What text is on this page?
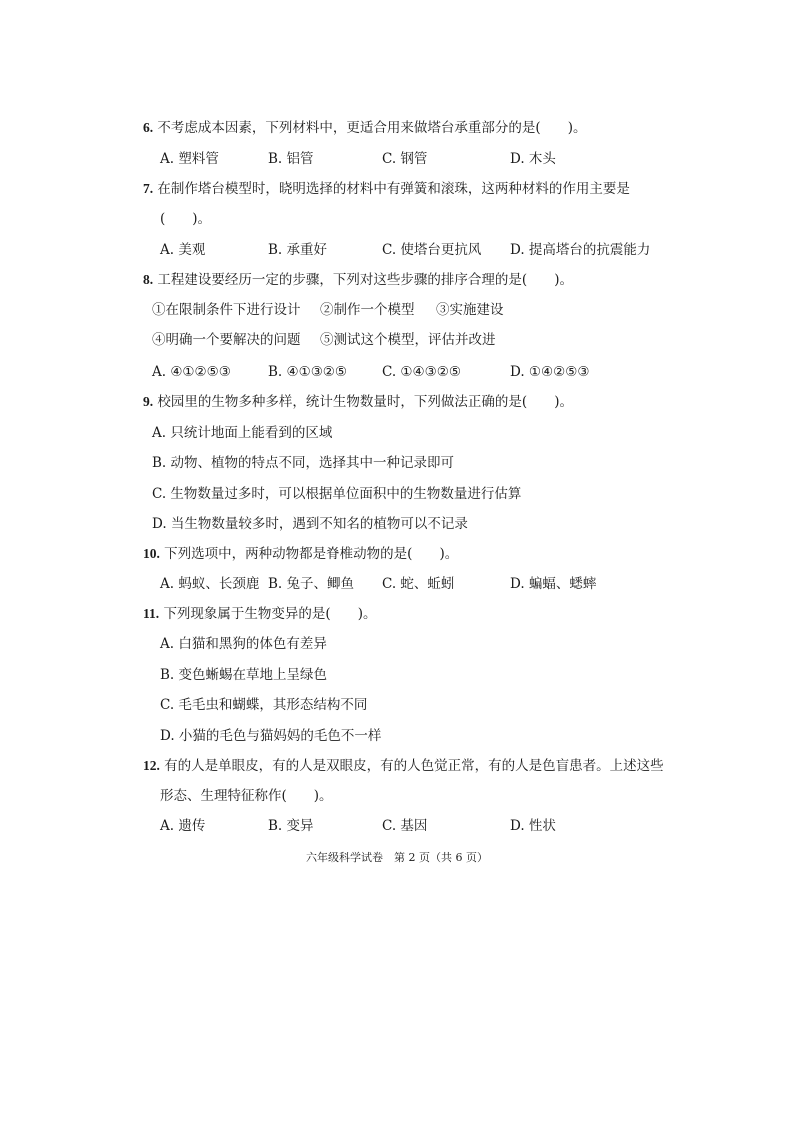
6. 不考虑成本因素，下列材料中，更适合用来做塔台承重部分的是(　　)。
A. 塑料管	B. 铝管	C. 钢管	D. 木头
7. 在制作塔台模型时，晓明选择的材料中有弹簧和滚珠，这两种材料的作用主要是
(　　)。
A. 美观	B. 承重好	C. 使塔台更抗风 D. 提高塔台的抗震能力
8. 工程建设要经历一定的步骤，下列对这些步骤的排序合理的是(　　)。
①在限制条件下进行设计 ②制作一个模型 ③实施建设
④明确一个要解决的问题 ⑤测试这个模型，评估并改进
A. ④①②⑤③	B. ④①③②⑤	C. ①④③②⑤	D. ①④②⑤③
9. 校园里的生物多种多样，统计生物数量时，下列做法正确的是(　　)。
A. 只统计地面上能看到的区域
B. 动物、植物的特点不同，选择其中一种记录即可
C. 生物数量过多时，可以根据单位面积中的生物数量进行估算
D. 当生物数量较多时，遇到不知名的植物可以不记录
10. 下列选项中，两种动物都是脊椎动物的是(　　)。
A. 蚂蚁、长颈鹿 B. 兔子、鲫鱼 C. 蛇、蚯蚓	D. 蝙蝠、蟋蟀
11. 下列现象属于生物变异的是(　　)。
A. 白猫和黑狗的体色有差异
B. 变色蜥蜴在草地上呈绿色
C. 毛毛虫和蝴蝶，其形态结构不同
D. 小猫的毛色与猫妈妈的毛色不一样
12. 有的人是单眼皮，有的人是双眼皮，有的人色觉正常，有的人是色盲患者。上述这些
形态、生理特征称作(　　)。
A. 遗传	B. 变异	C. 基因	D. 性状
六年级科学试卷　第 2 页（共 6 页）
